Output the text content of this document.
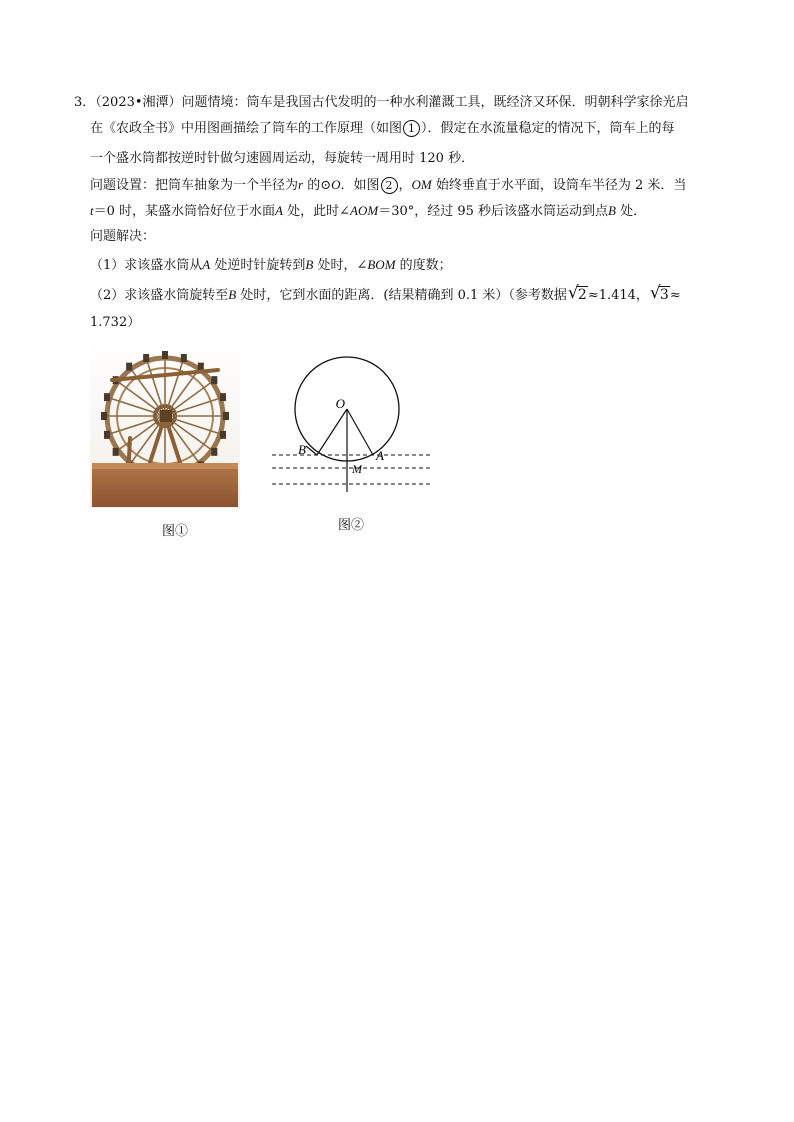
3．（2023•湘潭）问题情境：筒车是我国古代发明的一种水利灌溉工具，既经济又环保．明朝科学家徐光启
在《农政全书》中用图画描绘了筒车的工作原理（如图 1 ）．假定在水流量稳定的情况下，筒车上的每
一个盛水筒都按逆时针做匀速圆周运动，每旋转一周用时 120 秒．
问题设置：把筒车抽象为一个半径为r 的⊙O．如图 2 ，OM 始终垂直于水平面，设筒车半径为 2 米．当
t＝0 时，某盛水筒恰好位于水面A 处，此时∠AOM＝30°，经过 95 秒后该盛水筒运动到点B 处．
问题解决：
（1）求该盛水筒从A 处逆时针旋转到B 处时，∠BOM 的度数；
（2）求该盛水筒旋转至B 处时，它到水面的距离．(结果精确到 0.1 米）（参考数据 √ 2≈1.414， √ 3≈
1.732）
图①
O
B	A
M
图②
